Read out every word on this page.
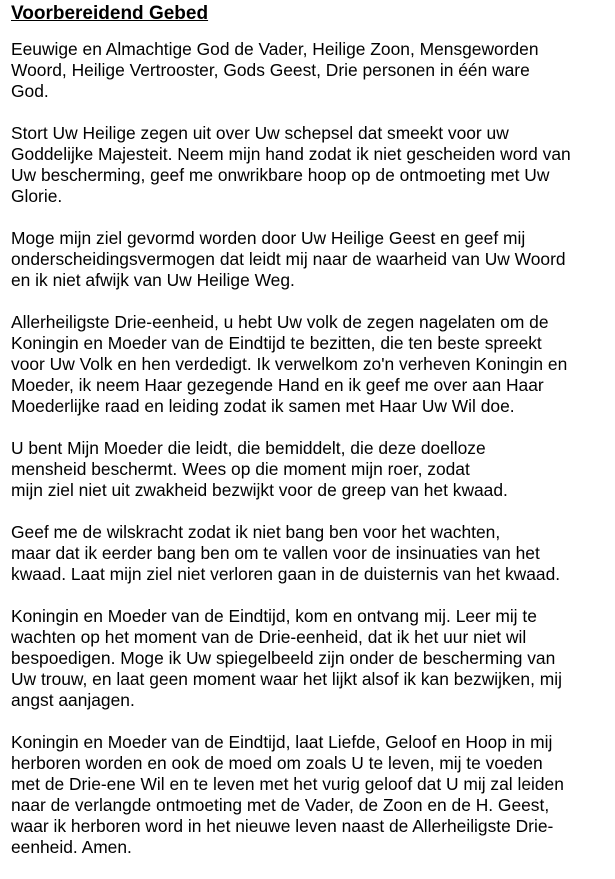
Voorbereidend Gebed
Eeuwige en Almachtige God de Vader, Heilige Zoon, Mensgeworden
Woord, Heilige Vertrooster, Gods Geest, Drie personen in één ware
God.
Stort Uw Heilige zegen uit over Uw schepsel dat smeekt voor uw
Goddelijke Majesteit. Neem mijn hand zodat ik niet gescheiden word van
Uw bescherming, geef me onwrikbare hoop op de ontmoeting met Uw
Glorie.
Moge mijn ziel gevormd worden door Uw Heilige Geest en geef mij
onderscheidingsvermogen dat leidt mij naar de waarheid van Uw Woord
en ik niet afwijk van Uw Heilige Weg.
Allerheiligste Drie-eenheid, u hebt Uw volk de zegen nagelaten om de
Koningin en Moeder van de Eindtijd te bezitten, die ten beste spreekt
voor Uw Volk en hen verdedigt. Ik verwelkom zo'n verheven Koningin en
Moeder, ik neem Haar gezegende Hand en ik geef me over aan Haar
Moederlijke raad en leiding zodat ik samen met Haar Uw Wil doe.
U bent Mijn Moeder die leidt, die bemiddelt, die deze doelloze
mensheid beschermt. Wees op die moment mijn roer, zodat
mijn ziel niet uit zwakheid bezwijkt voor de greep van het kwaad.
Geef me de wilskracht zodat ik niet bang ben voor het wachten,
maar dat ik eerder bang ben om te vallen voor de insinuaties van het
kwaad. Laat mijn ziel niet verloren gaan in de duisternis van het kwaad.
Koningin en Moeder van de Eindtijd, kom en ontvang mij. Leer mij te
wachten op het moment van de Drie-eenheid, dat ik het uur niet wil
bespoedigen. Moge ik Uw spiegelbeeld zijn onder de bescherming van
Uw trouw, en laat geen moment waar het lijkt alsof ik kan bezwijken, mij
angst aanjagen.
Koningin en Moeder van de Eindtijd, laat Liefde, Geloof en Hoop in mij
herboren worden en ook de moed om zoals U te leven, mij te voeden
met de Drie-ene Wil en te leven met het vurig geloof dat U mij zal leiden
naar de verlangde ontmoeting met de Vader, de Zoon en de H. Geest,
waar ik herboren word in het nieuwe leven naast de Allerheiligste Drie-
eenheid. Amen.
